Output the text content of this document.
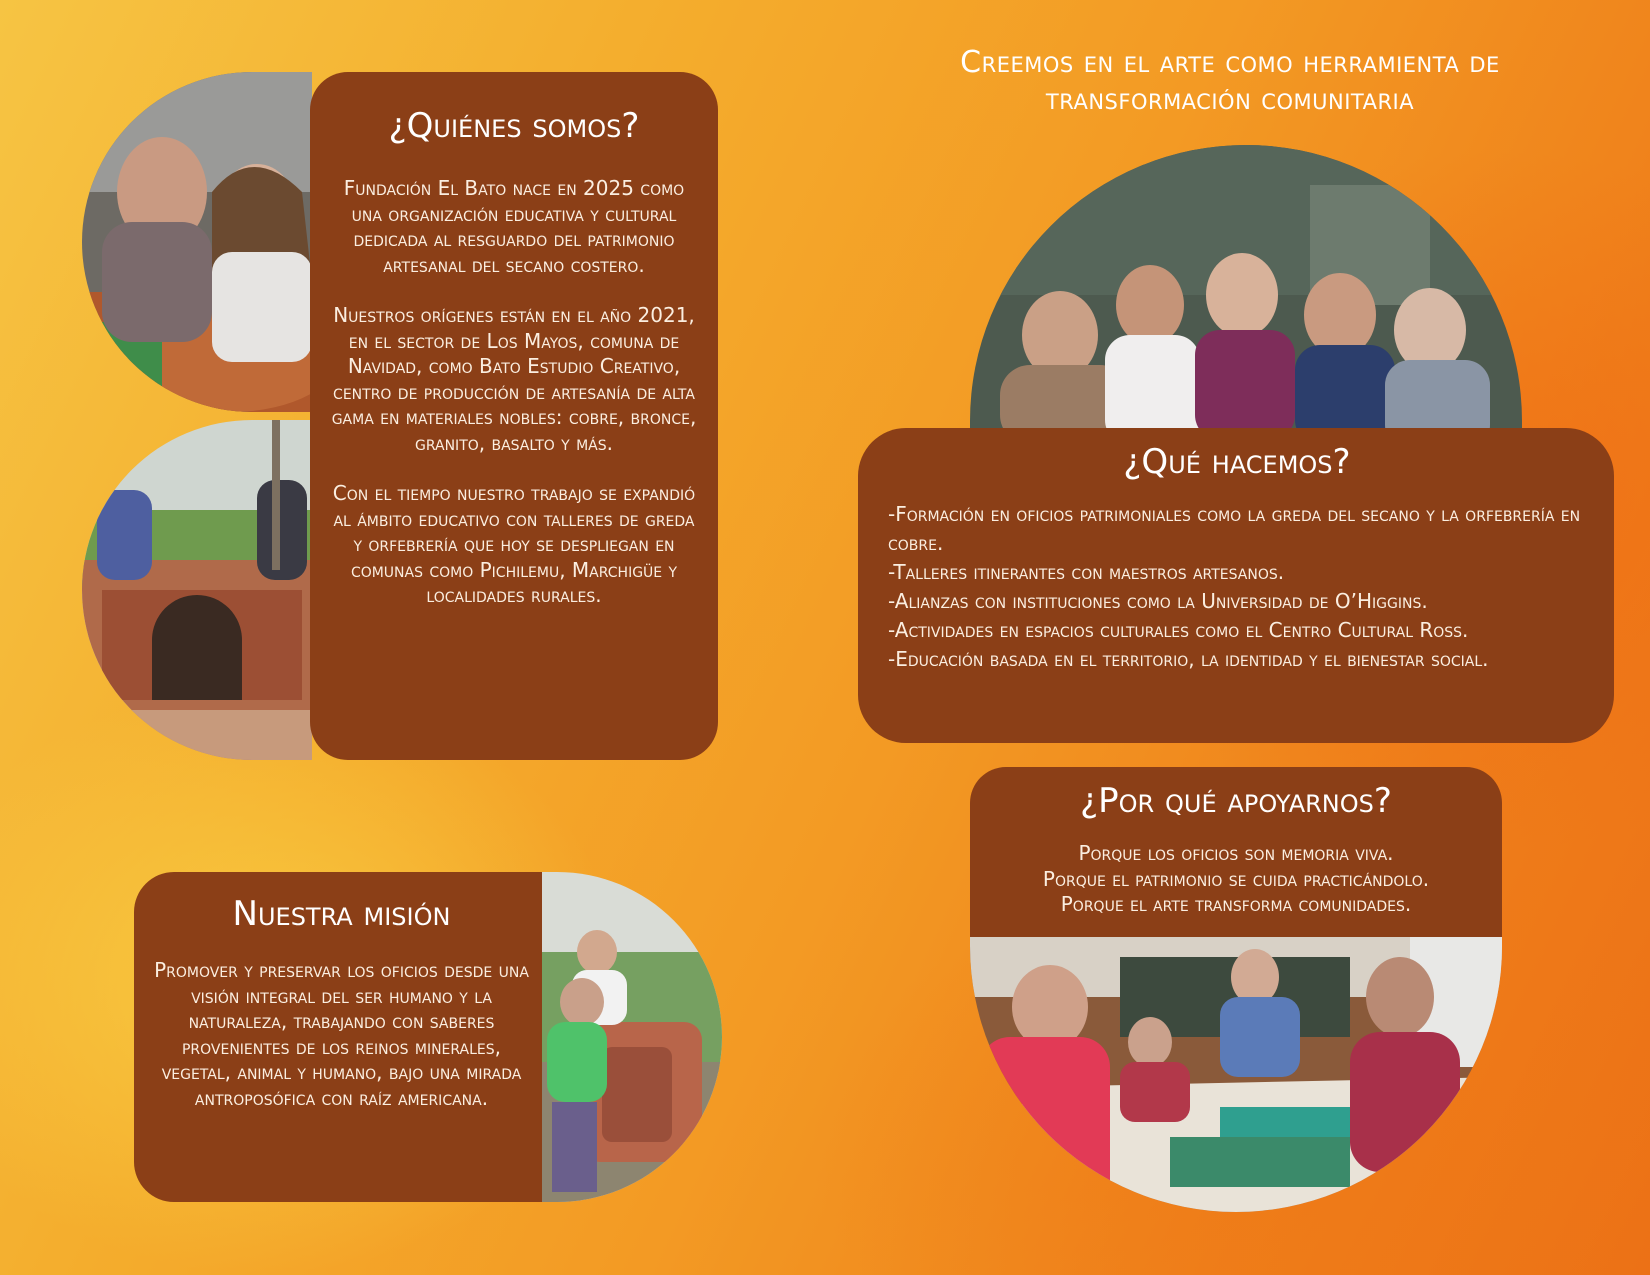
Creemos en el arte como herramienta de
transformación comunitaria
¿Quiénes somos?

Fundación El Bato nace en 2025 como una organización educativa y cultural dedicada al resguardo del patrimonio artesanal del secano costero.

Nuestros orígenes están en el año 2021, en el sector de Los Mayos, comuna de Navidad, como Bato Estudio Creativo, centro de producción de artesanía de alta gama en materiales nobles: cobre, bronce, granito, basalto y más.

Con el tiempo nuestro trabajo se expandió al ámbito educativo con talleres de greda y orfebrería que hoy se despliegan en comunas como Pichilemu, Marchigüe y localidades rurales.

Nuestra misión

Promover y preservar los oficios desde una visión integral del ser humano y la naturaleza, trabajando con saberes provenientes de los reinos minerales, vegetal, animal y humano, bajo una mirada antroposófica con raíz americana.

¿Qué hacemos?

-Formación en oficios patrimoniales como la greda del secano y la orfebrería en cobre.

-Talleres itinerantes con maestros artesanos.

-Alianzas con instituciones como la Universidad de O’Higgins.

-Actividades en espacios culturales como el Centro Cultural Ross.

-Educación basada en el territorio, la identidad y el bienestar social.

¿Por qué apoyarnos?

Porque los oficios son memoria viva.

Porque el patrimonio se cuida practicándolo.

Porque el arte transforma comunidades.
